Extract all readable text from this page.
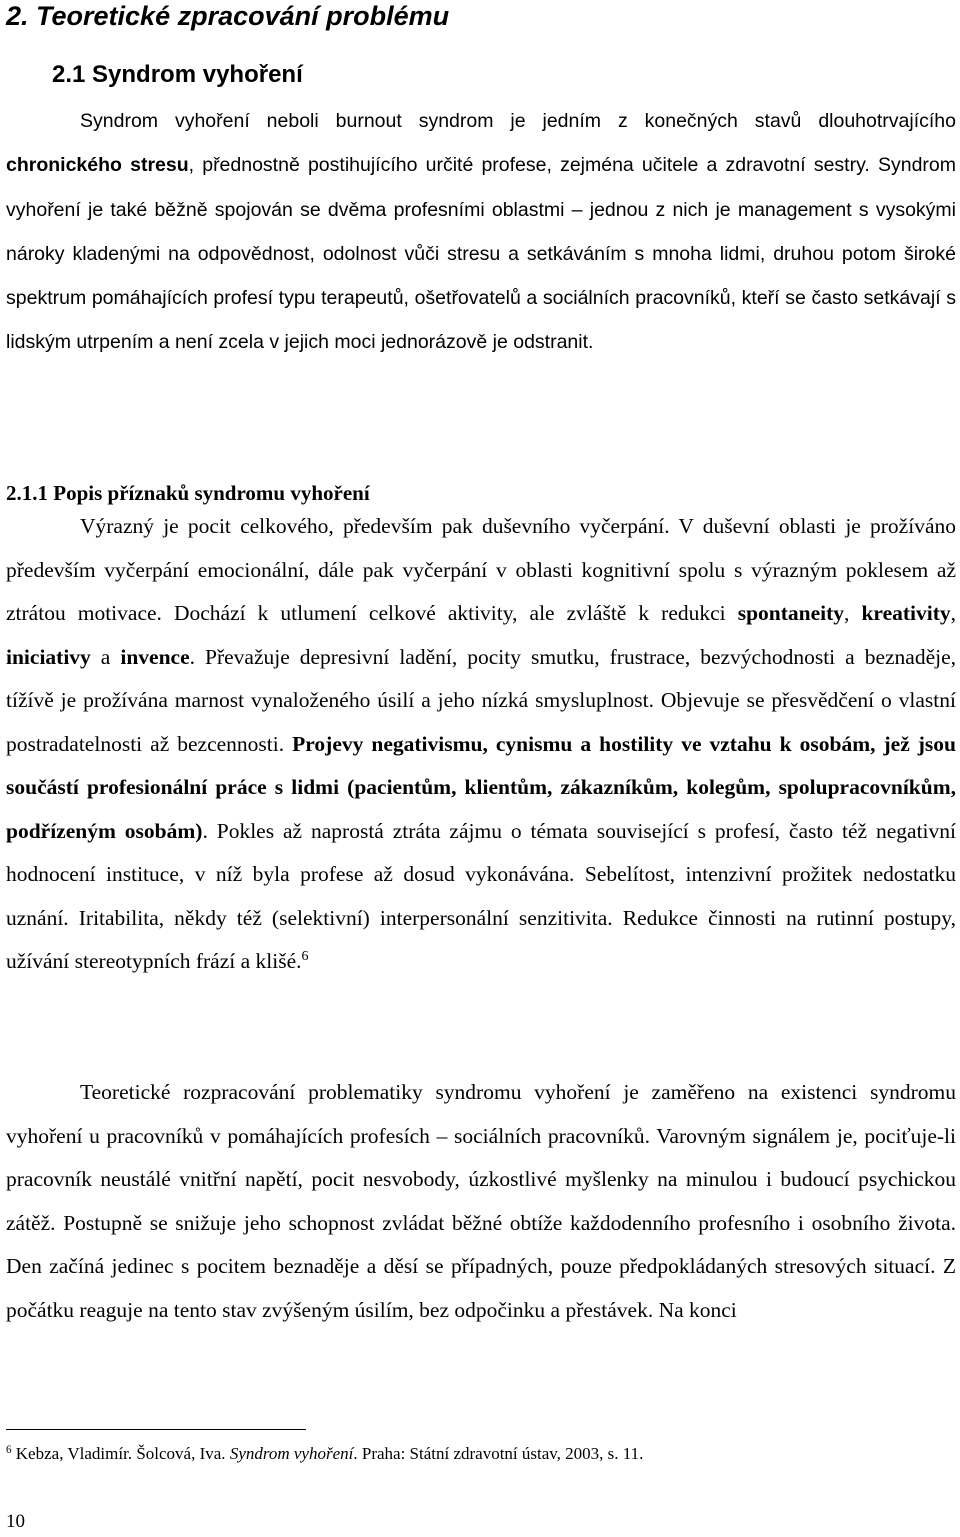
2. Teoretické zpracování problému
2.1 Syndrom vyhoření

Syndrom vyhoření neboli burnout syndrom je jedním z konečných stavů dlouhotrvajícího chronického stresu, přednostně postihujícího určité profese, zejména učitele a zdravotní sestry. Syndrom vyhoření je také běžně spojován se dvěma profesními oblastmi – jednou z nich je management s vysokými nároky kladenými na odpovědnost, odolnost vůči stresu a setkáváním s mnoha lidmi, druhou potom široké spektrum pomáhajících profesí typu terapeutů, ošetřovatelů a sociálních pracovníků, kteří se často setkávají s lidským utrpením a není zcela v jejich moci jednorázově je odstranit.

2.1.1 Popis příznaků syndromu vyhoření

Výrazný je pocit celkového, především pak duševního vyčerpání. V duševní oblasti je prožíváno především vyčerpání emocionální, dále pak vyčerpání v oblasti kognitivní spolu s výrazným poklesem až ztrátou motivace. Dochází k utlumení celkové aktivity, ale zvláště k redukci spontaneity, kreativity, iniciativy a invence. Převažuje depresivní ladění, pocity smutku, frustrace, bezvýchodnosti a beznaděje, tížívě je prožívána marnost vynaloženého úsilí a jeho nízká smysluplnost. Objevuje se přesvědčení o vlastní postradatelnosti až bezcennosti. Projevy negativismu, cynismu a hostility ve vztahu k osobám, jež jsou součástí profesionální práce s lidmi (pacientům, klientům, zákazníkům, kolegům, spolupracovníkům, podřízeným osobám). Pokles až naprostá ztráta zájmu o témata související s profesí, často též negativní hodnocení instituce, v níž byla profese až dosud vykonávána. Sebelítost, intenzivní prožitek nedostatku uznání. Iritabilita, někdy též (selektivní) interpersonální senzitivita. Redukce činnosti na rutinní postupy, užívání stereotypních frází a klišé.$^6$

Teoretické rozpracování problematiky syndromu vyhoření je zaměřeno na existenci syndromu vyhoření u pracovníků v pomáhajících profesích – sociálních pracovníků. Varovným signálem je, pociťuje-li pracovník neustálé vnitřní napětí, pocit nesvobody, úzkostlivé myšlenky na minulou i budoucí psychickou zátěž. Postupně se snižuje jeho schopnost zvládat běžné obtíže každodenního profesního i osobního života. Den začíná jedinec s pocitem beznaděje a děsí se případných, pouze předpokládaných stresových situací. Z počátku reaguje na tento stav zvýšeným úsilím, bez odpočinku a přestávek. Na konci

$^6$ Kebza, Vladimír. Šolcová, Iva. Syndrom vyhoření. Praha: Státní zdravotní ústav, 2003, s. 11.
10
